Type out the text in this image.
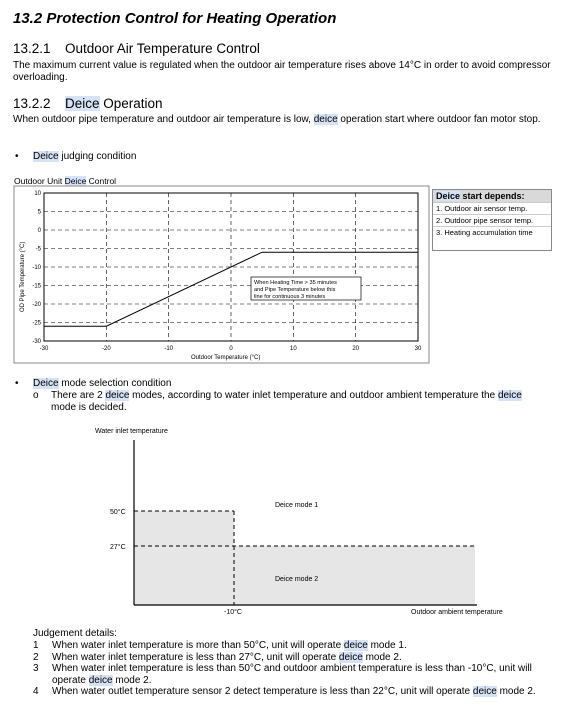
13.2 Protection Control for Heating Operation
13.2.1 Outdoor Air Temperature Control

The maximum current value is regulated when the outdoor air temperature rises above 14°C in order to avoid compressor overloading.

13.2.2 Deice Operation

When outdoor pipe temperature and outdoor air temperature is low, deice operation start where outdoor fan motor stop.

• Deice judging condition
Outdoor Unit Deice Control
10
5
0
-5
-10
-15
-20
-25
-30
-30	-20	-10	0	10	20	30
OD Pipe Temperature (°C)
Outdoor Temperature (°C)
When Heating Time > 35 minutes
and Pipe Temperature below this
line for continuous 3 minutes
Water inlet temperature
50°C
27°C
-10°C	Outdoor ambient temperature
Deice mode 1
Deice mode 2
Deice start depends:
1. Outdoor air sensor temp.
2. Outdoor pipe sensor temp.
3. Heating accumulation time
• Deice mode selection condition

o There are 2 deice modes, according to water inlet temperature and outdoor ambient temperature the deice
mode is decided.

Judgement details:
1 When water inlet temperature is more than 50°C, unit will operate deice mode 1.
2 When water inlet temperature is less than 27°C, unit will operate deice mode 2.
3 When water inlet temperature is less than 50°C and outdoor ambient temperature is less than -10°C, unit will operate deice mode 2.
4 When water outlet temperature sensor 2 detect temperature is less than 22°C, unit will operate deice mode 2.
